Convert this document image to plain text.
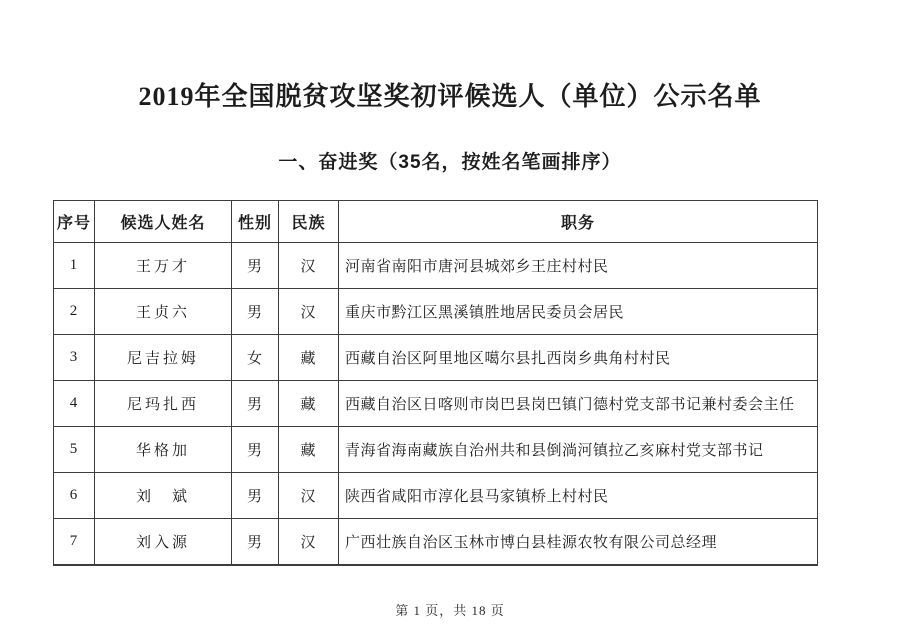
2019年全国脱贫攻坚奖初评候选人（单位）公示名单
一、奋进奖（35名，按姓名笔画排序）
序号	候选人姓名	性别	民族	职务
1	王万才	男	汉	河南省南阳市唐河县城郊乡王庄村村民
2	王贞六	男	汉	重庆市黔江区黑溪镇胜地居民委员会居民
3	尼吉拉姆	女	藏	西藏自治区阿里地区噶尔县扎西岗乡典角村村民
4	尼玛扎西	男	藏	西藏自治区日喀则市岗巴县岗巴镇门德村党支部书记兼村委会主任
5	华格加	男	藏	青海省海南藏族自治州共和县倒淌河镇拉乙亥麻村党支部书记
6	刘　斌	男	汉	陕西省咸阳市淳化县马家镇桥上村村民
7	刘入源	男	汉	广西壮族自治区玉林市博白县桂源农牧有限公司总经理
第 1 页，共 18 页
